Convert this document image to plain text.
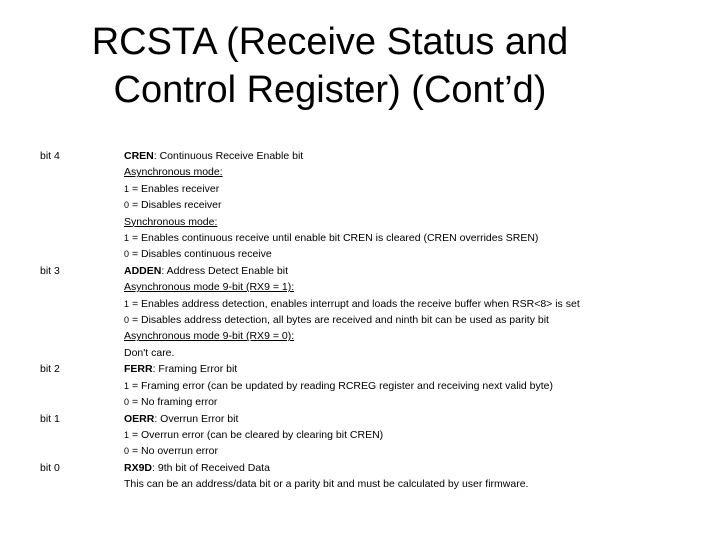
RCSTA (Receive Status and
Control Register) (Cont’d)
bit 4	CREN: Continuous Receive Enable bit
Asynchronous mode:
1 = Enables receiver
0 = Disables receiver
Synchronous mode:
1 = Enables continuous receive until enable bit CREN is cleared (CREN overrides SREN)
0 = Disables continuous receive
bit 3	ADDEN: Address Detect Enable bit
Asynchronous mode 9-bit (RX9 = 1):
1 = Enables address detection, enables interrupt and loads the receive buffer when RSR<8> is set
0 = Disables address detection, all bytes are received and ninth bit can be used as parity bit
Asynchronous mode 9-bit (RX9 = 0):
Don't care.
bit 2	FERR: Framing Error bit
1 = Framing error (can be updated by reading RCREG register and receiving next valid byte)
0 = No framing error
bit 1	OERR: Overrun Error bit
1 = Overrun error (can be cleared by clearing bit CREN)
0 = No overrun error
bit 0	RX9D: 9th bit of Received Data
This can be an address/data bit or a parity bit and must be calculated by user firmware.
